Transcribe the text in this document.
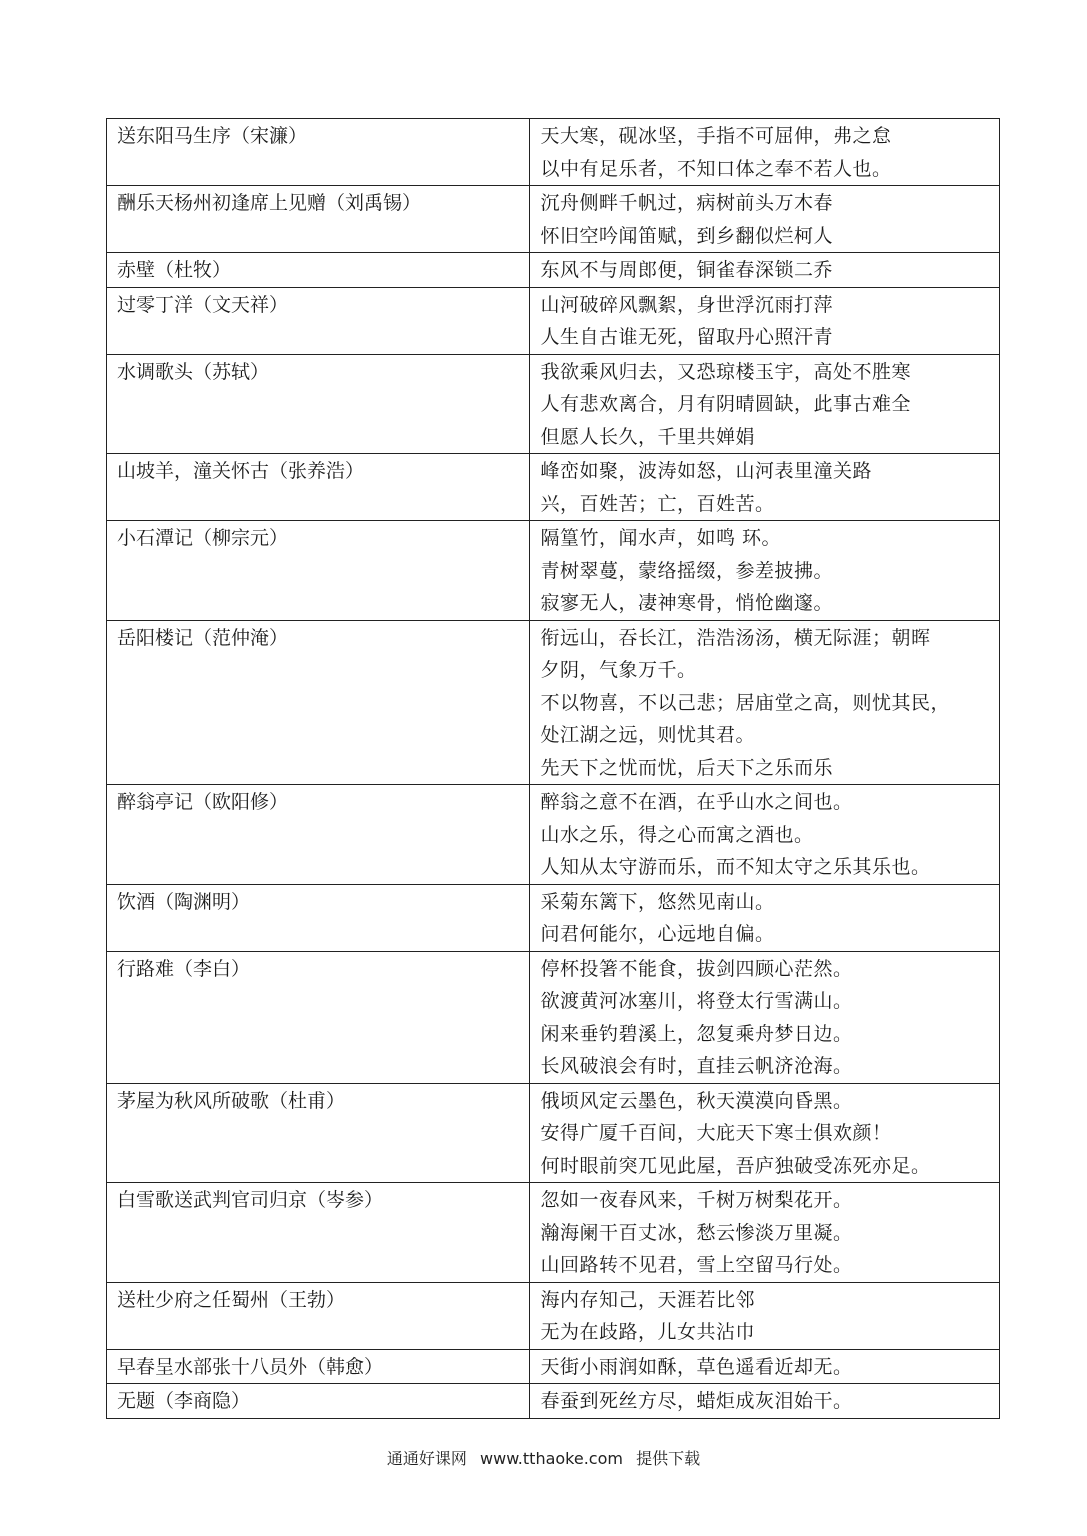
送东阳马生序（宋濂）	天大寒，砚冰坚，手指不可屈伸，弗之怠
以中有足乐者，不知口体之奉不若人也。

酬乐天杨州初逢席上见赠（刘禹锡）	沉舟侧畔千帆过，病树前头万木春
怀旧空吟闻笛赋，到乡翻似烂柯人

赤壁（杜牧）	东风不与周郎便，铜雀春深锁二乔

过零丁洋（文天祥）	山河破碎风飘絮，身世浮沉雨打萍
人生自古谁无死，留取丹心照汗青

水调歌头（苏轼）	我欲乘风归去，又恐琼楼玉宇，高处不胜寒
人有悲欢离合，月有阴晴圆缺，此事古难全
但愿人长久，千里共婵娟

山坡羊，潼关怀古（张养浩）	峰峦如聚，波涛如怒，山河表里潼关路
兴，百姓苦；亡，百姓苦。

小石潭记（柳宗元）	隔篁竹，闻水声，如鸣 环。
青树翠蔓，蒙络摇缀，参差披拂。
寂寥无人，凄神寒骨，悄怆幽邃。

岳阳楼记（范仲淹）	衔远山，吞长江，浩浩汤汤，横无际涯；朝晖
夕阴，气象万千。
不以物喜，不以己悲；居庙堂之高，则忧其民，
处江湖之远，则忧其君。
先天下之忧而忧，后天下之乐而乐

醉翁亭记（欧阳修）	醉翁之意不在酒，在乎山水之间也。
山水之乐，得之心而寓之酒也。
人知从太守游而乐，而不知太守之乐其乐也。

饮酒（陶渊明）	采菊东篱下，悠然见南山。
问君何能尔，心远地自偏。

行路难（李白）	停杯投箸不能食，拔剑四顾心茫然。
欲渡黄河冰塞川，将登太行雪满山。
闲来垂钓碧溪上，忽复乘舟梦日边。
长风破浪会有时，直挂云帆济沧海。

茅屋为秋风所破歌（杜甫）	俄顷风定云墨色，秋天漠漠向昏黑。
安得广厦千百间，大庇天下寒士俱欢颜！
何时眼前突兀见此屋，吾庐独破受冻死亦足。

白雪歌送武判官司归京（岑参）	忽如一夜春风来，千树万树梨花开。
瀚海阑干百丈冰，愁云惨淡万里凝。
山回路转不见君，雪上空留马行处。

送杜少府之任蜀州（王勃）	海内存知己，天涯若比邻
无为在歧路，儿女共沾巾

早春呈水部张十八员外（韩愈）	天街小雨润如酥，草色遥看近却无。

无题（李商隐）	春蚕到死丝方尽，蜡炬成灰泪始干。
通通好课网 www.tthaoke.com 提供下载
